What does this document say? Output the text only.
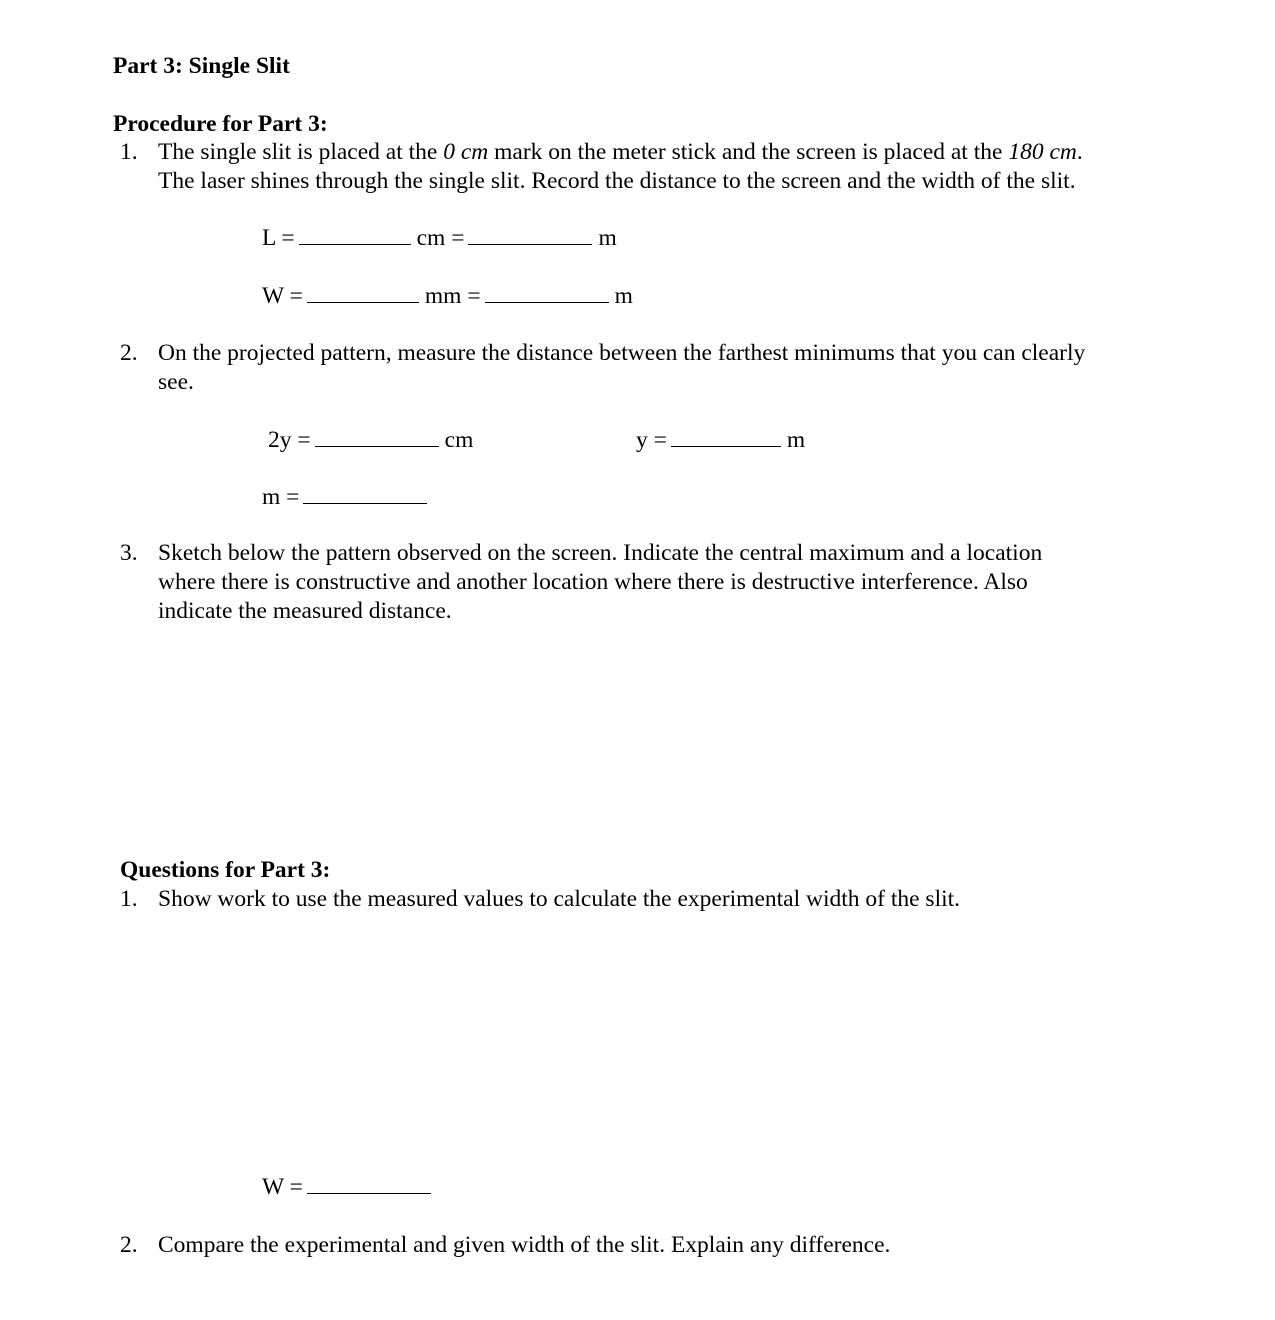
Part 3: Single Slit
Procedure for Part 3:
1. The single slit is placed at the 0 cm mark on the meter stick and the screen is placed at the 180 cm.
The laser shines through the single slit. Record the distance to the screen and the width of the slit.
L =	cm =	m
W =	mm =	m
2. On the projected pattern, measure the distance between the farthest minimums that you can clearly
see.
2y =	cm	y =	m
m =
3. Sketch below the pattern observed on the screen. Indicate the central maximum and a location
where there is constructive and another location where there is destructive interference. Also
indicate the measured distance.
Questions for Part 3:
1. Show work to use the measured values to calculate the experimental width of the slit.
W =
2. Compare the experimental and given width of the slit. Explain any difference.
